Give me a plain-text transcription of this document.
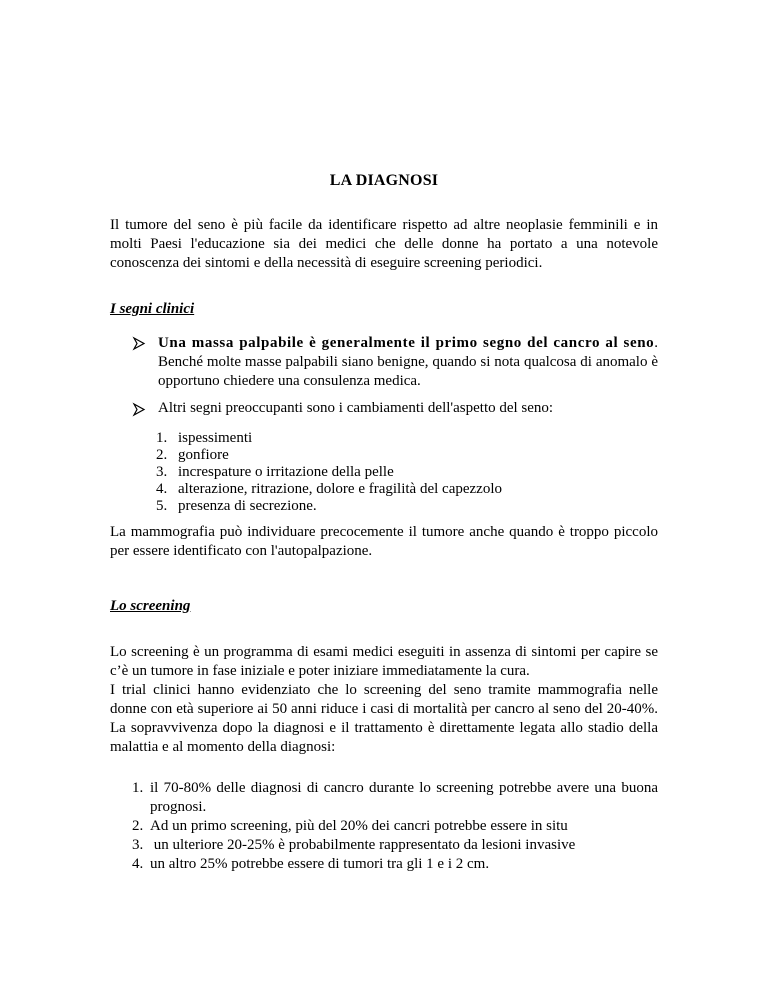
LA DIAGNOSI
Il tumore del seno è più facile da identificare rispetto ad altre neoplasie femminili e in molti Paesi l'educazione sia dei medici che delle donne ha portato a una notevole conoscenza dei sintomi e della necessità di eseguire screening periodici.
I segni clinici
Una massa palpabile è generalmente il primo segno del cancro al seno. Benché molte masse palpabili siano benigne, quando si nota qualcosa di anomalo è opportuno chiedere una consulenza medica.
Altri segni preoccupanti sono i cambiamenti dell'aspetto del seno:
1. ispessimenti
2. gonfiore
3. increspature o irritazione della pelle
4. alterazione, ritrazione, dolore e fragilità del capezzolo
5. presenza di secrezione.
La mammografia può individuare precocemente il tumore anche quando è troppo piccolo per essere identificato con l'autopalpazione.
Lo screening
Lo screening è un programma di esami medici eseguiti in assenza di sintomi per capire se c’è un tumore in fase iniziale e poter iniziare immediatamente la cura.
I trial clinici hanno evidenziato che lo screening del seno tramite mammografia nelle donne con età superiore ai 50 anni riduce i casi di mortalità per cancro al seno del 20-40%. La sopravvivenza dopo la diagnosi e il trattamento è direttamente legata allo stadio della malattia e al momento della diagnosi:
1. il 70-80% delle diagnosi di cancro durante lo screening potrebbe avere una buona prognosi.
2. Ad un primo screening, più del 20% dei cancri potrebbe essere in situ
3. un ulteriore 20-25% è probabilmente rappresentato da lesioni invasive
4. un altro 25% potrebbe essere di tumori tra gli 1 e i 2 cm.
